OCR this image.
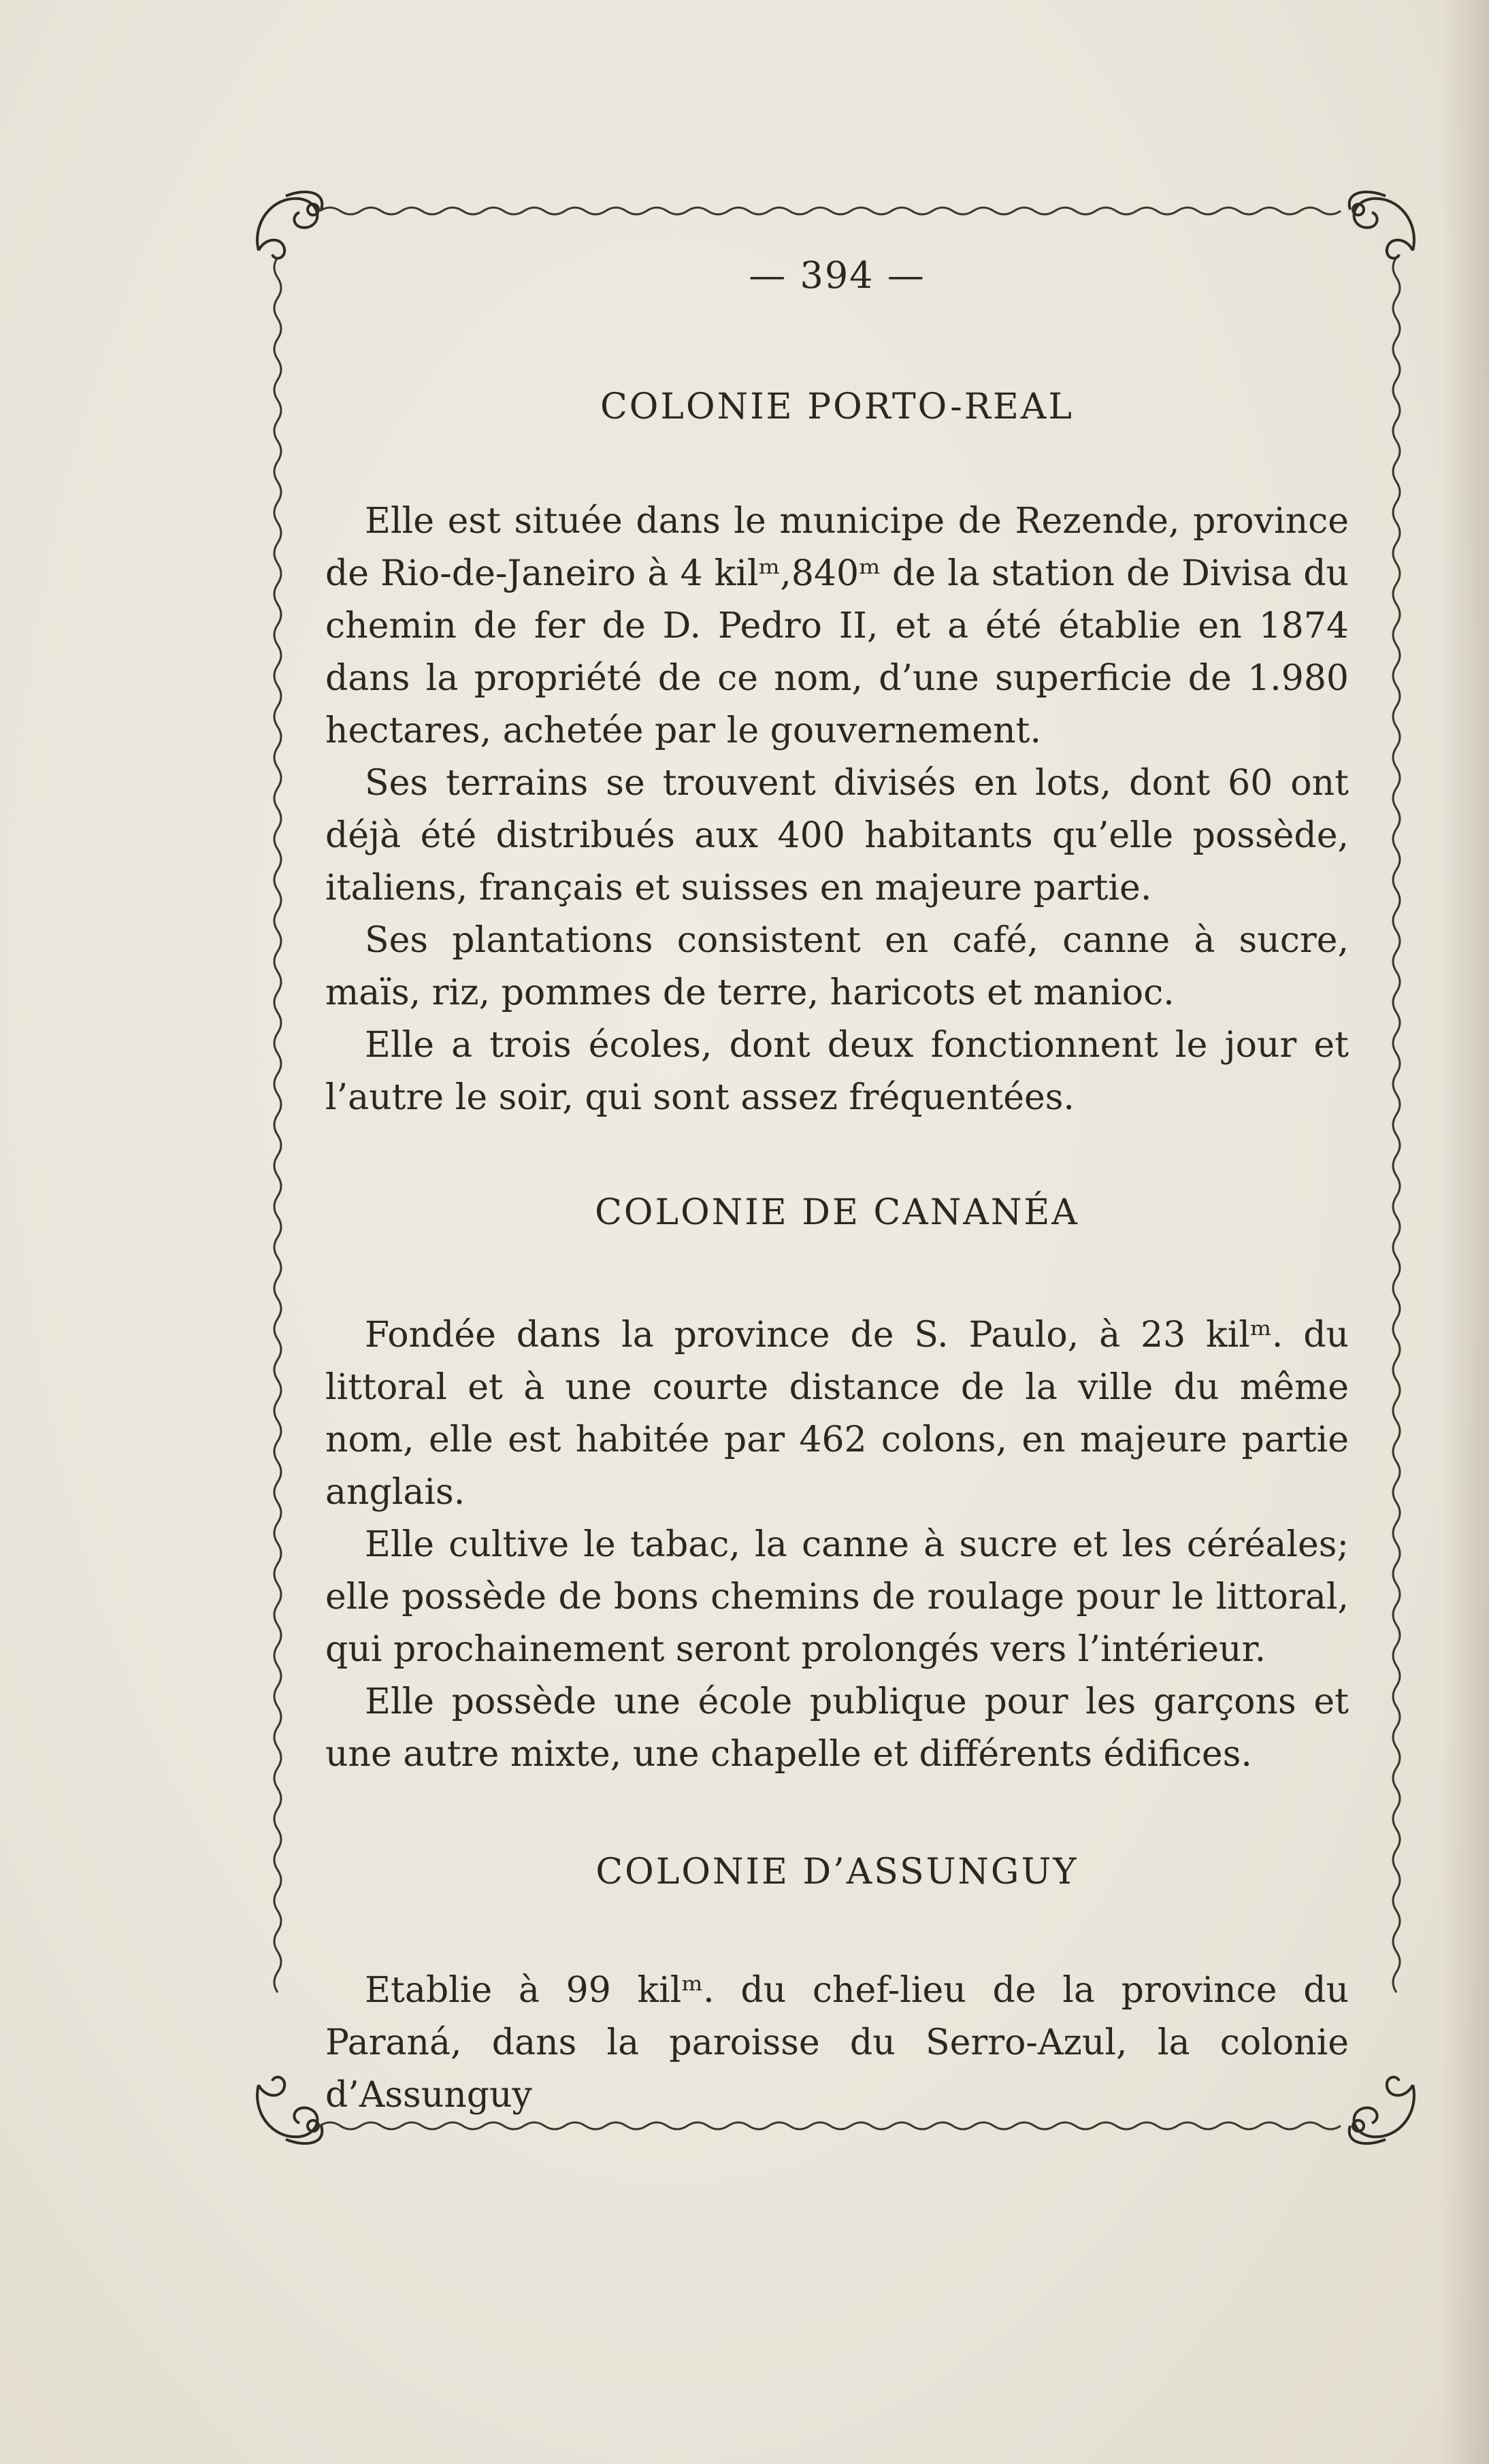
— 394 —

COLONIE PORTO-REAL

Elle est située dans le municipe de Rezende, province de Rio-de-Janeiro à 4 kilᵐ,840ᵐ de la station de Divisa du chemin de fer de D. Pedro II, et a été établie en 1874 dans la propriété de ce nom, d’une superficie de 1.980 hectares, achetée par le gouvernement.

Ses terrains se trouvent divisés en lots, dont 60 ont déjà été distribués aux 400 habitants qu’elle possède, italiens, français et suisses en majeure partie.

Ses plantations consistent en café, canne à sucre, maïs, riz, pommes de terre, haricots et manioc.

Elle a trois écoles, dont deux fonctionnent le jour et l’autre le soir, qui sont assez fréquentées.

COLONIE DE CANANÉA

Fondée dans la province de S. Paulo, à 23 kilᵐ. du littoral et à une courte distance de la ville du même nom, elle est habitée par 462 colons, en majeure partie anglais.

Elle cultive le tabac, la canne à sucre et les céréales; elle possède de bons chemins de roulage pour le littoral, qui prochainement seront prolongés vers l’intérieur.

Elle possède une école publique pour les garçons et une autre mixte, une chapelle et différents édifices.

COLONIE D’ASSUNGUY

Etablie à 99 kilᵐ. du chef-lieu de la province du Paraná, dans la paroisse du Serro-Azul, la colonie d’Assunguy
